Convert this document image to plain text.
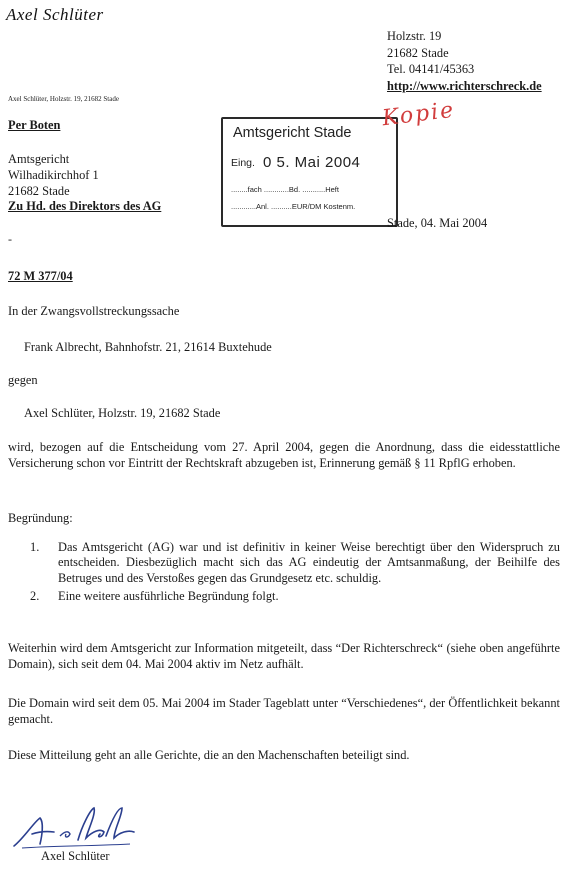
Axel Schlüter
Holzstr. 19
21682 Stade
Tel. 04141/45363
http://www.richterschreck.de
Axel Schlüter, Holzstr. 19, 21682 Stade
Per Boten
Amtsgericht
Wilhadikirchhof 1
21682 Stade
Zu Hd. des Direktors des AG
-
Amtsgericht Stade
Eing. 0 5. Mai 2004
........fach ............Bd. ...........Heft
............Anl. ..........EUR/DM Kostenm.
Kopie
Stade, 04. Mai 2004
72 M 377/04
In der Zwangsvollstreckungssache
Frank Albrecht, Bahnhofstr. 21, 21614 Buxtehude
gegen
Axel Schlüter, Holzstr. 19, 21682 Stade
wird, bezogen auf die Entscheidung vom 27. April 2004, gegen die Anordnung, dass die eidesstattliche Versicherung schon vor Eintritt der Rechtskraft abzugeben ist, Erinnerung gemäß § 11 RpflG erhoben.
Begründung:
1. Das Amtsgericht (AG) war und ist definitiv in keiner Weise berechtigt über den Widerspruch zu entscheiden. Diesbezüglich macht sich das AG eindeutig der Amtsanmaßung, der Beihilfe des Betruges und des Verstoßes gegen das Grundgesetz etc. schuldig.
2. Eine weitere ausführliche Begründung folgt.
Weiterhin wird dem Amtsgericht zur Information mitgeteilt, dass “Der Richterschreck“ (siehe oben angeführte Domain), sich seit dem 04. Mai 2004 aktiv im Netz aufhält.
Die Domain wird seit dem 05. Mai 2004 im Stader Tageblatt unter “Verschiedenes“, der Öffentlichkeit bekannt gemacht.
Diese Mitteilung geht an alle Gerichte, die an den Machenschaften beteiligt sind.
Axel Schlüter
